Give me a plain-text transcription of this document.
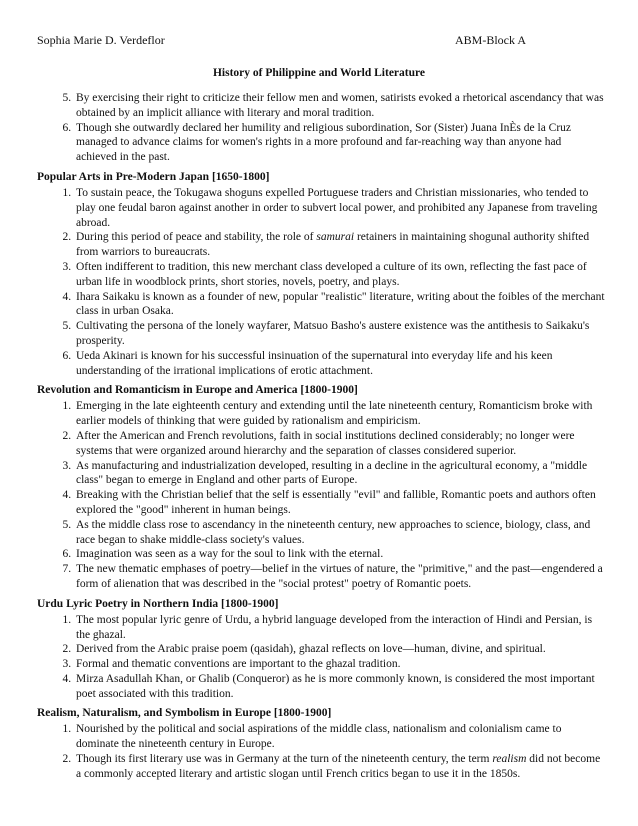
Sophia Marie D. Verdeflor	ABM-Block A
History of Philippine and World Literature
5. By exercising their right to criticize their fellow men and women, satirists evoked a rhetorical ascendancy that was obtained by an implicit alliance with literary and moral tradition.
6. Though she outwardly declared her humility and religious subordination, Sor (Sister) Juana InÈs de la Cruz managed to advance claims for women's rights in a more profound and far-reaching way than anyone had achieved in the past.
Popular Arts in Pre-Modern Japan [1650-1800]
1. To sustain peace, the Tokugawa shoguns expelled Portuguese traders and Christian missionaries, who tended to play one feudal baron against another in order to subvert local power, and prohibited any Japanese from traveling abroad.
2. During this period of peace and stability, the role of samurai retainers in maintaining shogunal authority shifted from warriors to bureaucrats.
3. Often indifferent to tradition, this new merchant class developed a culture of its own, reflecting the fast pace of urban life in woodblock prints, short stories, novels, poetry, and plays.
4. Ihara Saikaku is known as a founder of new, popular "realistic" literature, writing about the foibles of the merchant class in urban Osaka.
5. Cultivating the persona of the lonely wayfarer, Matsuo Basho's austere existence was the antithesis to Saikaku's prosperity.
6. Ueda Akinari is known for his successful insinuation of the supernatural into everyday life and his keen understanding of the irrational implications of erotic attachment.
Revolution and Romanticism in Europe and America [1800-1900]
1. Emerging in the late eighteenth century and extending until the late nineteenth century, Romanticism broke with earlier models of thinking that were guided by rationalism and empiricism.
2. After the American and French revolutions, faith in social institutions declined considerably; no longer were systems that were organized around hierarchy and the separation of classes considered superior.
3. As manufacturing and industrialization developed, resulting in a decline in the agricultural economy, a "middle class" began to emerge in England and other parts of Europe.
4. Breaking with the Christian belief that the self is essentially "evil" and fallible, Romantic poets and authors often explored the "good" inherent in human beings.
5. As the middle class rose to ascendancy in the nineteenth century, new approaches to science, biology, class, and race began to shake middle-class society's values.
6. Imagination was seen as a way for the soul to link with the eternal.
7. The new thematic emphases of poetry—belief in the virtues of nature, the "primitive," and the past—engendered a form of alienation that was described in the "social protest" poetry of Romantic poets.
Urdu Lyric Poetry in Northern India [1800-1900]
1. The most popular lyric genre of Urdu, a hybrid language developed from the interaction of Hindi and Persian, is the ghazal.
2. Derived from the Arabic praise poem (qasidah), ghazal reflects on love—human, divine, and spiritual.
3. Formal and thematic conventions are important to the ghazal tradition.
4. Mirza Asadullah Khan, or Ghalib (Conqueror) as he is more commonly known, is considered the most important poet associated with this tradition.
Realism, Naturalism, and Symbolism in Europe [1800-1900]
1. Nourished by the political and social aspirations of the middle class, nationalism and colonialism came to dominate the nineteenth century in Europe.
2. Though its first literary use was in Germany at the turn of the nineteenth century, the term realism did not become a commonly accepted literary and artistic slogan until French critics began to use it in the 1850s.
